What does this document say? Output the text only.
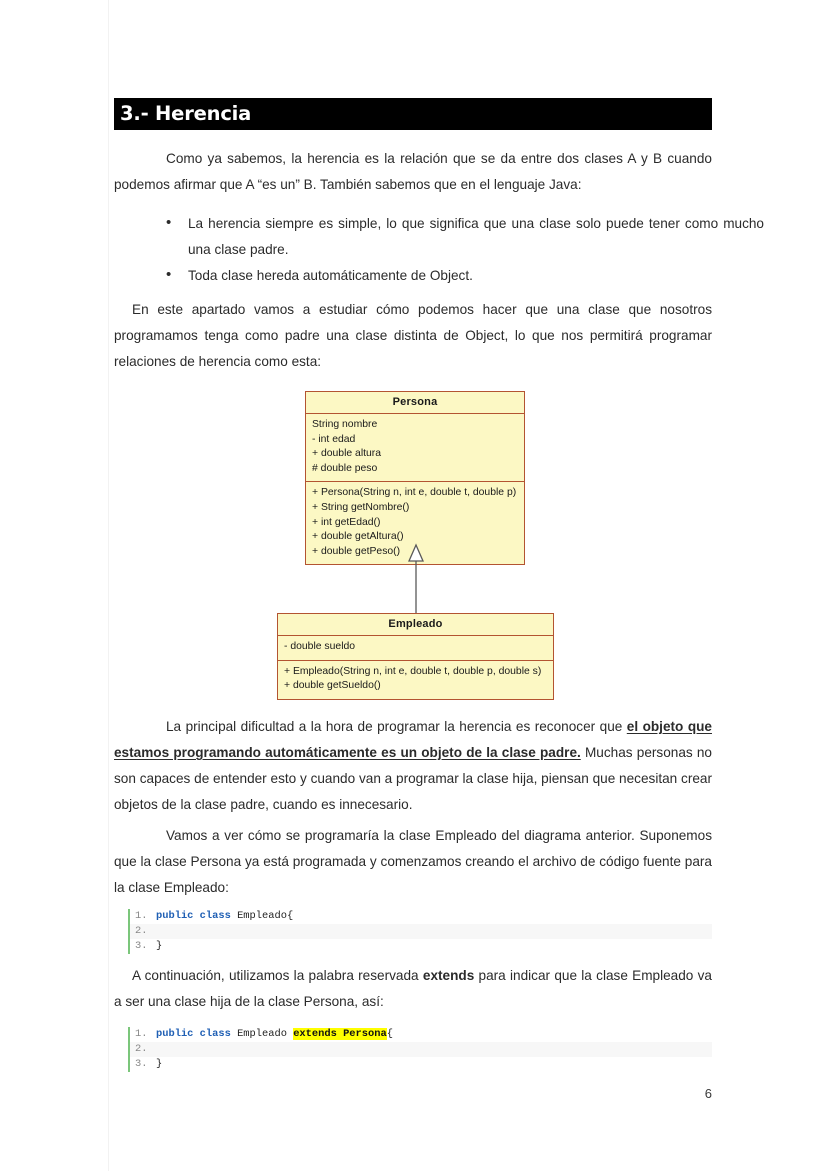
3.- Herencia

Como ya sabemos, la herencia es la relación que se da entre dos clases A y B cuando podemos afirmar que A “es un” B. También sabemos que en el lenguaje Java:

• La herencia siempre es simple, lo que significa que una clase solo puede tener como mucho una clase padre.
• Toda clase hereda automáticamente de Object.

En este apartado vamos a estudiar cómo podemos hacer que una clase que nosotros programamos tenga como padre una clase distinta de Object, lo que nos permitirá programar relaciones de herencia como esta:

Persona
String nombre
- int edad
+ double altura
# double peso
+ Persona(String n, int e, double t, double p)
+ String getNombre()
+ int getEdad()
+ double getAltura()
+ double getPeso()
Empleado
- double sueldo
+ Empleado(String n, int e, double t, double p, double s)
+ double getSueldo()

La principal dificultad a la hora de programar la herencia es reconocer que el objeto que estamos programando automáticamente es un objeto de la clase padre. Muchas personas no son capaces de entender esto y cuando van a programar la clase hija, piensan que necesitan crear objetos de la clase padre, cuando es innecesario.

Vamos a ver cómo se programaría la clase Empleado del diagrama anterior. Suponemos que la clase Persona ya está programada y comenzamos creando el archivo de código fuente para la clase Empleado:

1. public class Empleado{
2.
3. }

A continuación, utilizamos la palabra reservada extends para indicar que la clase Empleado va a ser una clase hija de la clase Persona, así:

1. public class Empleado extends Persona{
2.
3. }
6
